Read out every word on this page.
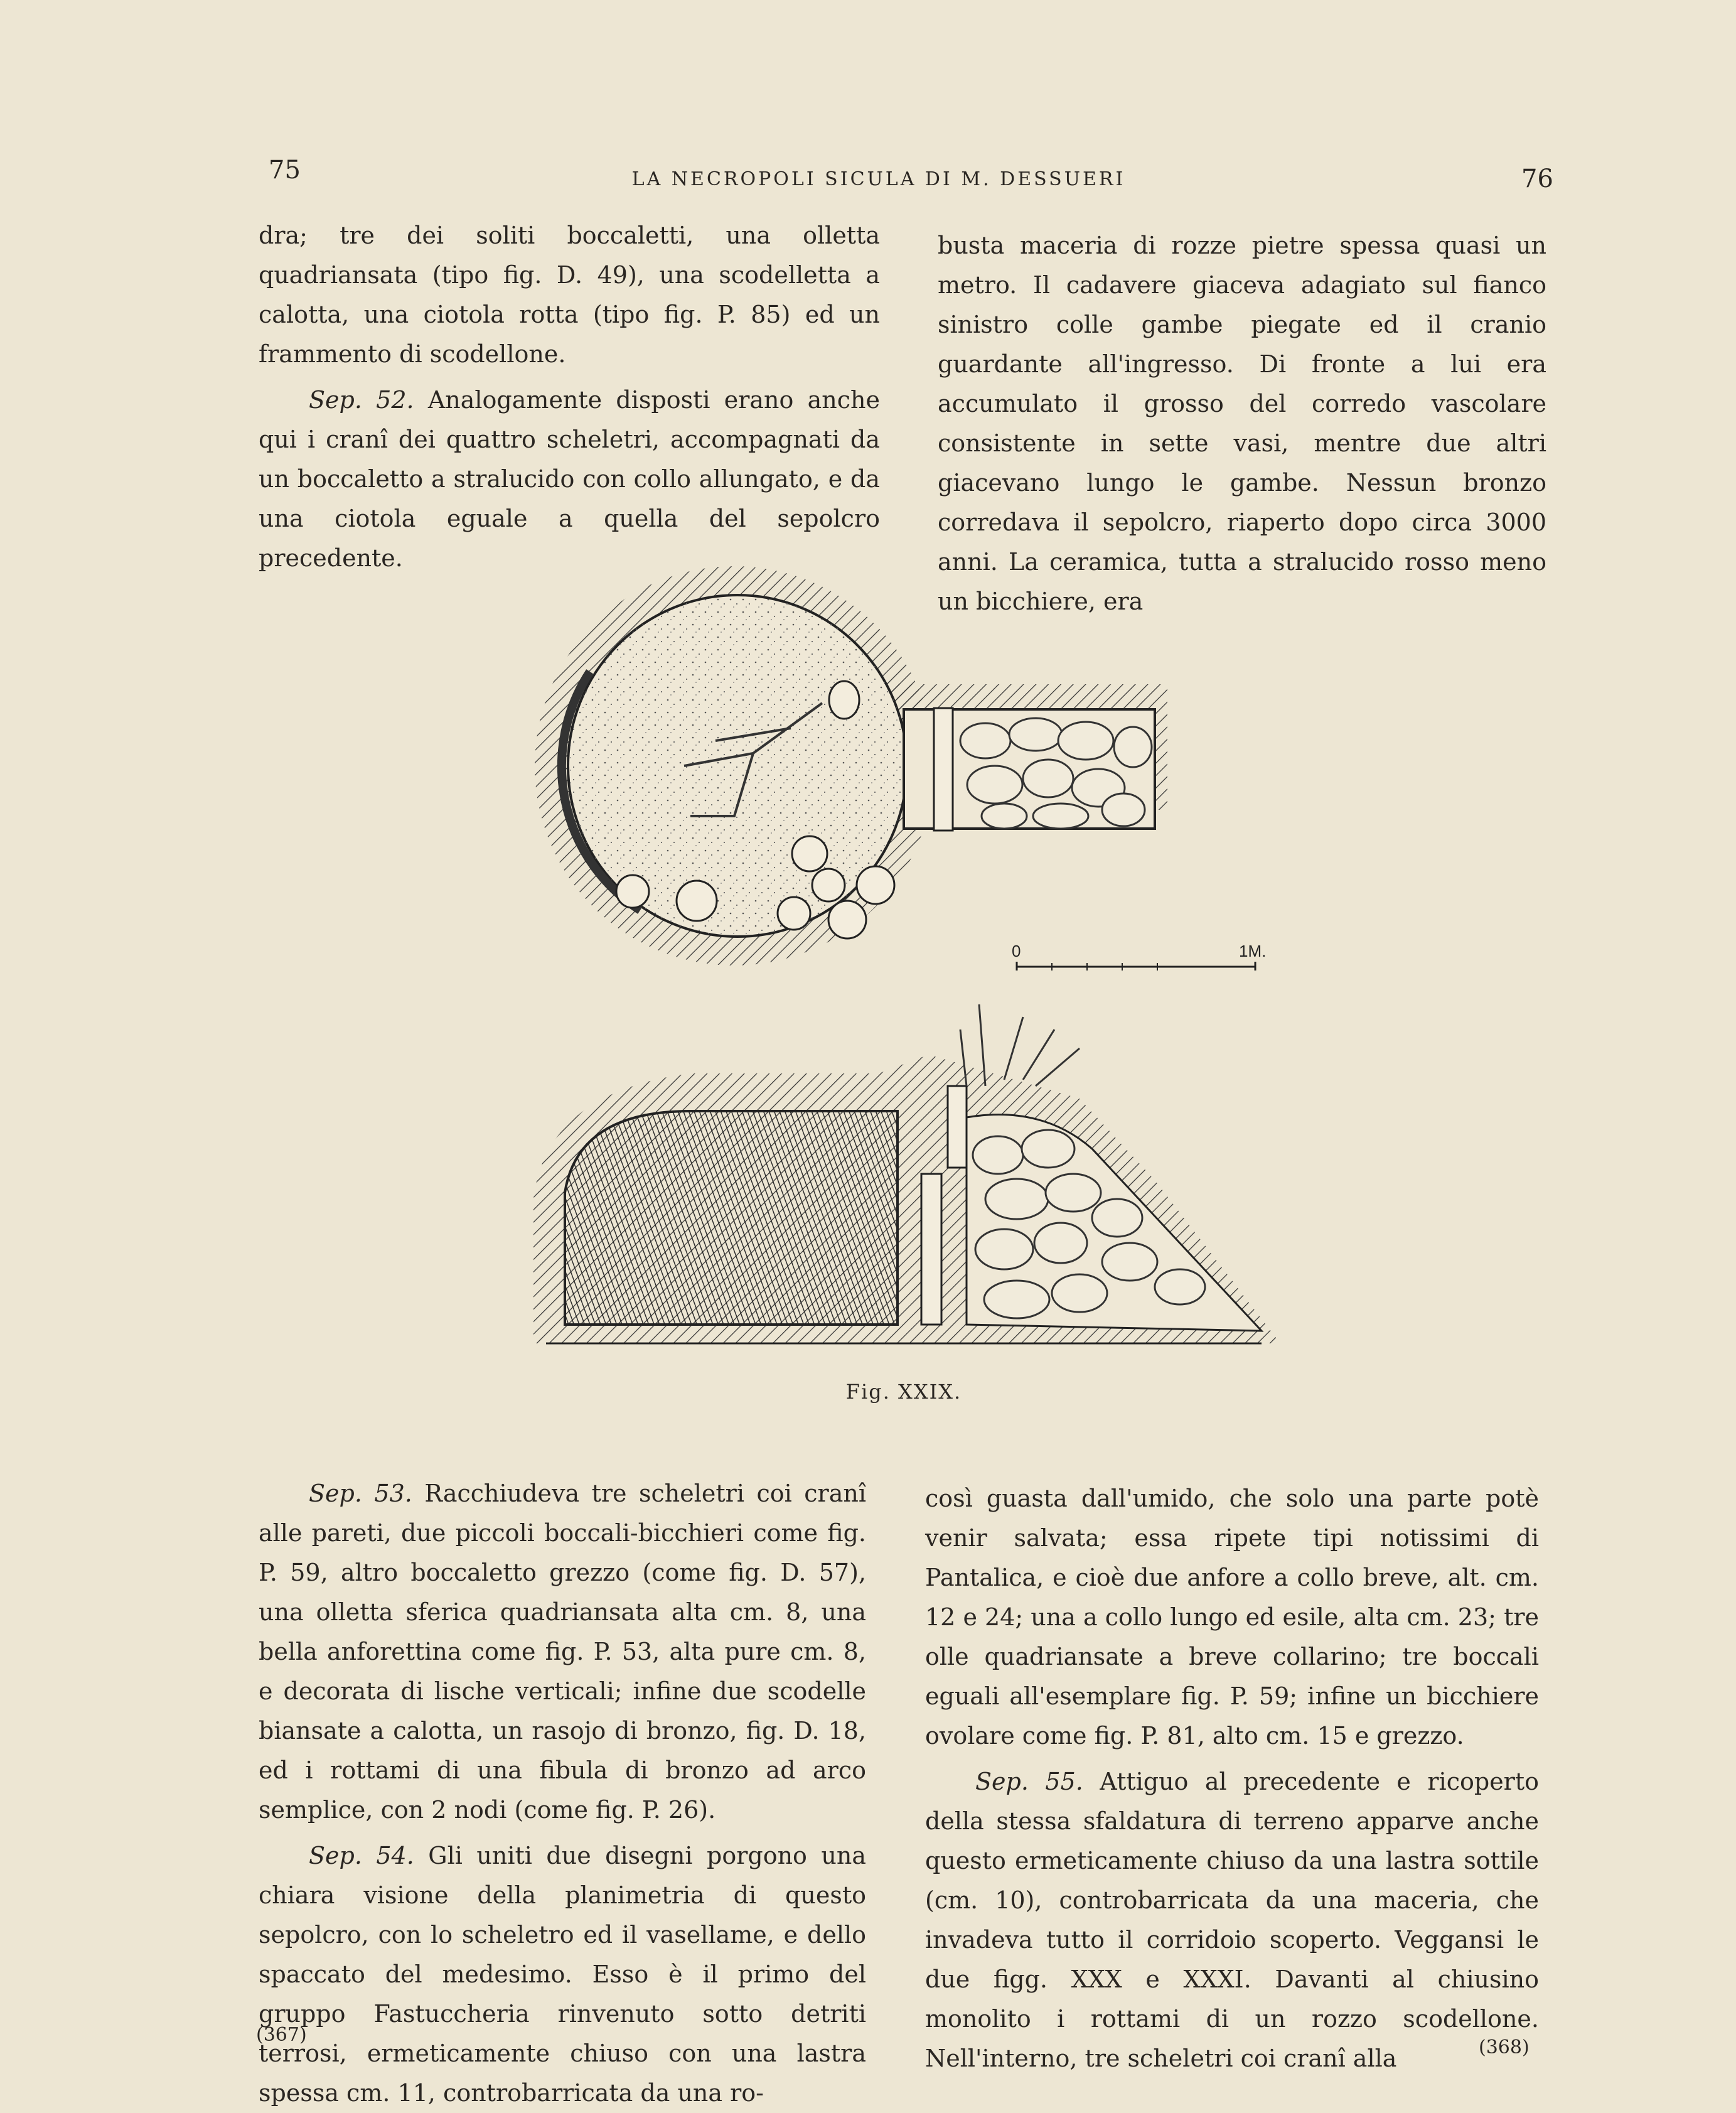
75	LA NECROPOLI SICULA DI M. DESSUERI	76

dra; tre dei soliti boccaletti, una olletta quadriansata (tipo fig. D. 49), una scodelletta a calotta, una ciotola rotta (tipo fig. P. 85) ed un frammento di scodellone.

Sep. 52. Analogamente disposti erano anche qui i cranî dei quattro scheletri, accompagnati da un boccaletto a stralucido con collo allungato, e da una ciotola eguale a quella del sepolcro precedente.

busta maceria di rozze pietre spessa quasi un metro. Il cadavere giaceva adagiato sul fianco sinistro colle gambe piegate ed il cranio guardante all'ingresso. Di fronte a lui era accumulato il grosso del corredo vascolare consistente in sette vasi, mentre due altri giacevano lungo le gambe. Nessun bronzo corredava il sepolcro, riaperto dopo circa 3000 anni. La ceramica, tutta a stralucido rosso meno un bicchiere, era

0	1M.
Fig. XXIX.

Sep. 53. Racchiudeva tre scheletri coi cranî alle pareti, due piccoli boccali-bicchieri come fig. P. 59, altro boccaletto grezzo (come fig. D. 57), una olletta sferica quadriansata alta cm. 8, una bella anforettina come fig. P. 53, alta pure cm. 8, e decorata di lische verticali; infine due scodelle biansate a calotta, un rasojo di bronzo, fig. D. 18, ed i rottami di una fibula di bronzo ad arco semplice, con 2 nodi (come fig. P. 26).

Sep. 54. Gli uniti due disegni porgono una chiara visione della planimetria di questo sepolcro, con lo scheletro ed il vasellame, e dello spaccato del medesimo. Esso è il primo del gruppo Fastuccheria rinvenuto sotto detriti terrosi, ermeticamente chiuso con una lastra spessa cm. 11, controbarricata da una ro-

così guasta dall'umido, che solo una parte potè venir salvata; essa ripete tipi notissimi di Pantalica, e cioè due anfore a collo breve, alt. cm. 12 e 24; una a collo lungo ed esile, alta cm. 23; tre olle quadriansate a breve collarino; tre boccali eguali all'esemplare fig. P. 59; infine un bicchiere ovolare come fig. P. 81, alto cm. 15 e grezzo.

Sep. 55. Attiguo al precedente e ricoperto della stessa sfaldatura di terreno apparve anche questo ermeticamente chiuso da una lastra sottile (cm. 10), controbarricata da una maceria, che invadeva tutto il corridoio scoperto. Veggansi le due figg. XXX e XXXI. Davanti al chiusino monolito i rottami di un rozzo scodellone. Nell'interno, tre scheletri coi cranî alla

(367)
(368)
